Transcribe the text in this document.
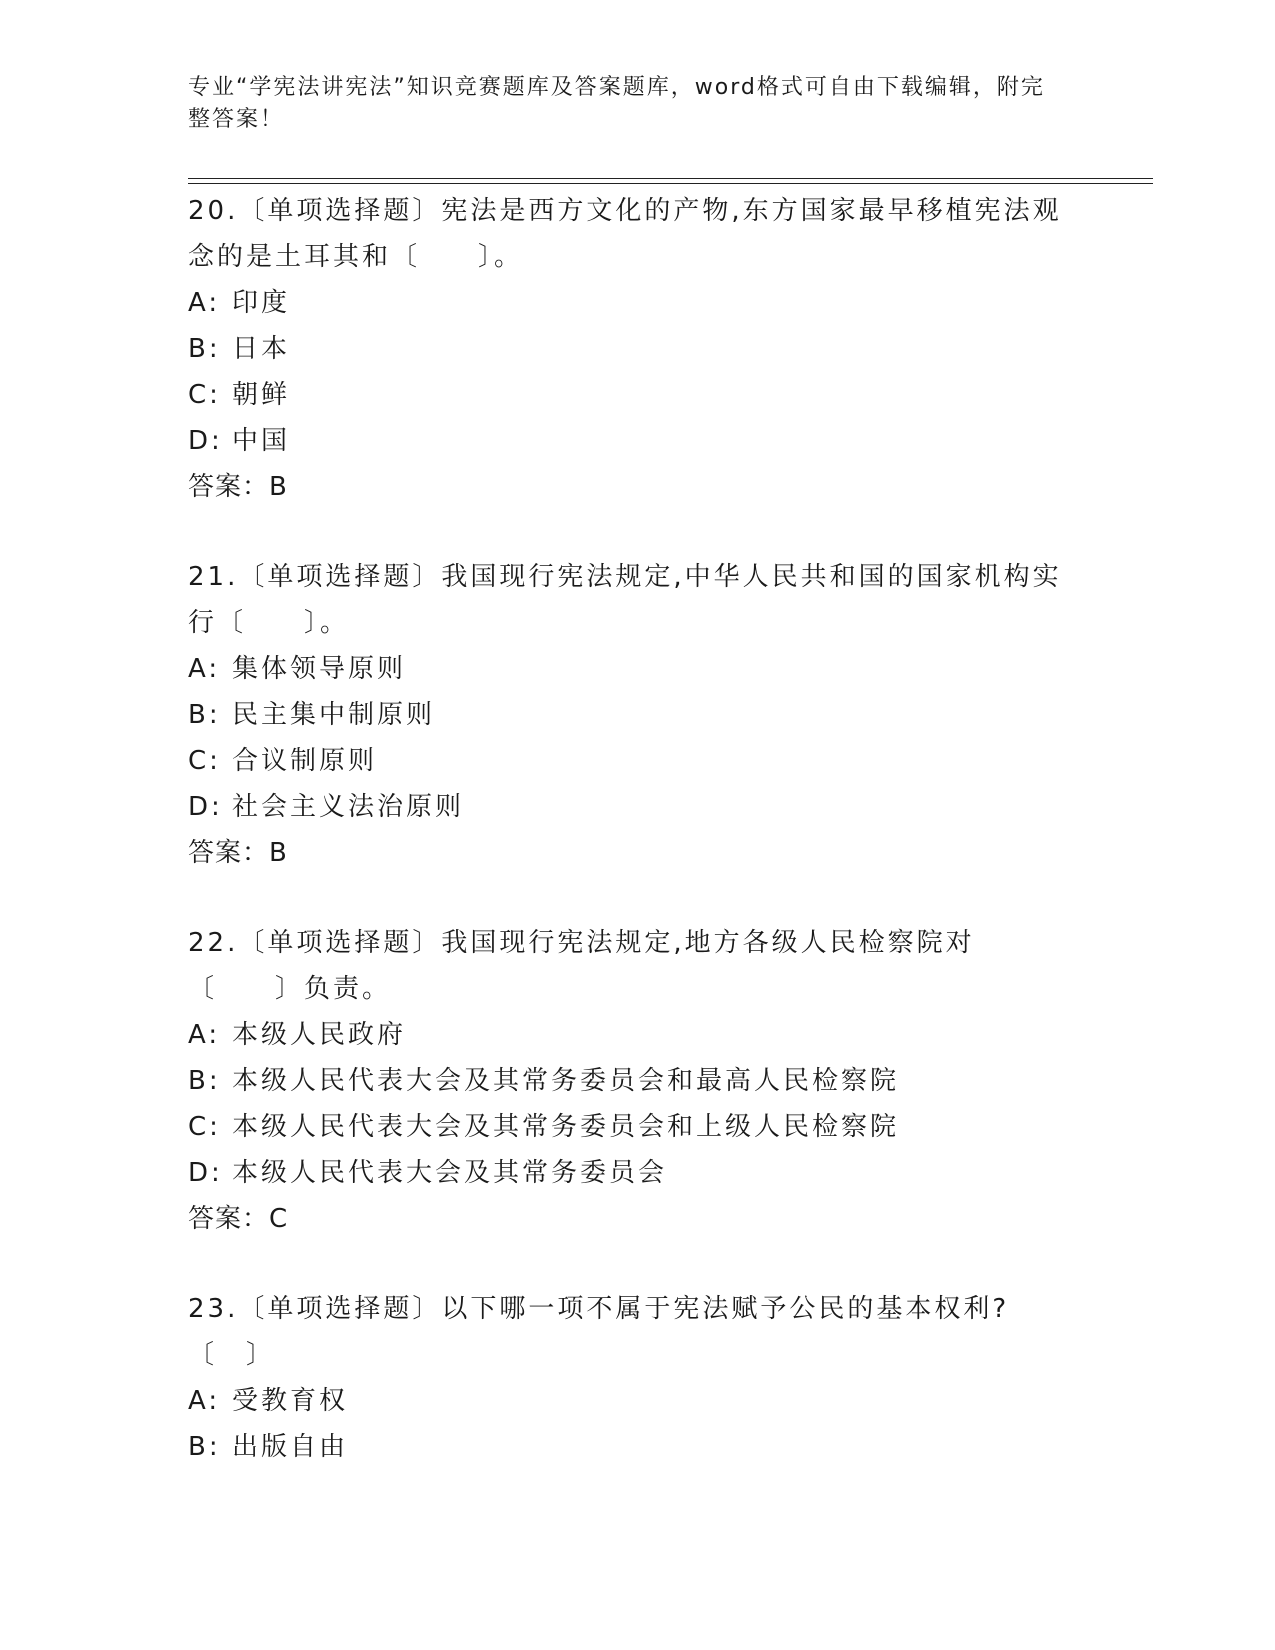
专业“学宪法讲宪法”知识竞赛题库及答案题库，word格式可自由下载编辑，附完整答案！
20.〔单项选择题〕宪法是西方文化的产物,东方国家最早移植宪法观念的是土耳其和〔　　〕。
A: 印度
B: 日本
C: 朝鲜
D: 中国
答案：B
21.〔单项选择题〕我国现行宪法规定,中华人民共和国的国家机构实行〔　　〕。
A: 集体领导原则
B: 民主集中制原则
C: 合议制原则
D: 社会主义法治原则
答案：B
22.〔单项选择题〕我国现行宪法规定,地方各级人民检察院对〔　　〕负责。
A: 本级人民政府
B: 本级人民代表大会及其常务委员会和最高人民检察院
C: 本级人民代表大会及其常务委员会和上级人民检察院
D: 本级人民代表大会及其常务委员会
答案：C
23.〔单项选择题〕以下哪一项不属于宪法赋予公民的基本权利?〔　〕
A: 受教育权
B: 出版自由
